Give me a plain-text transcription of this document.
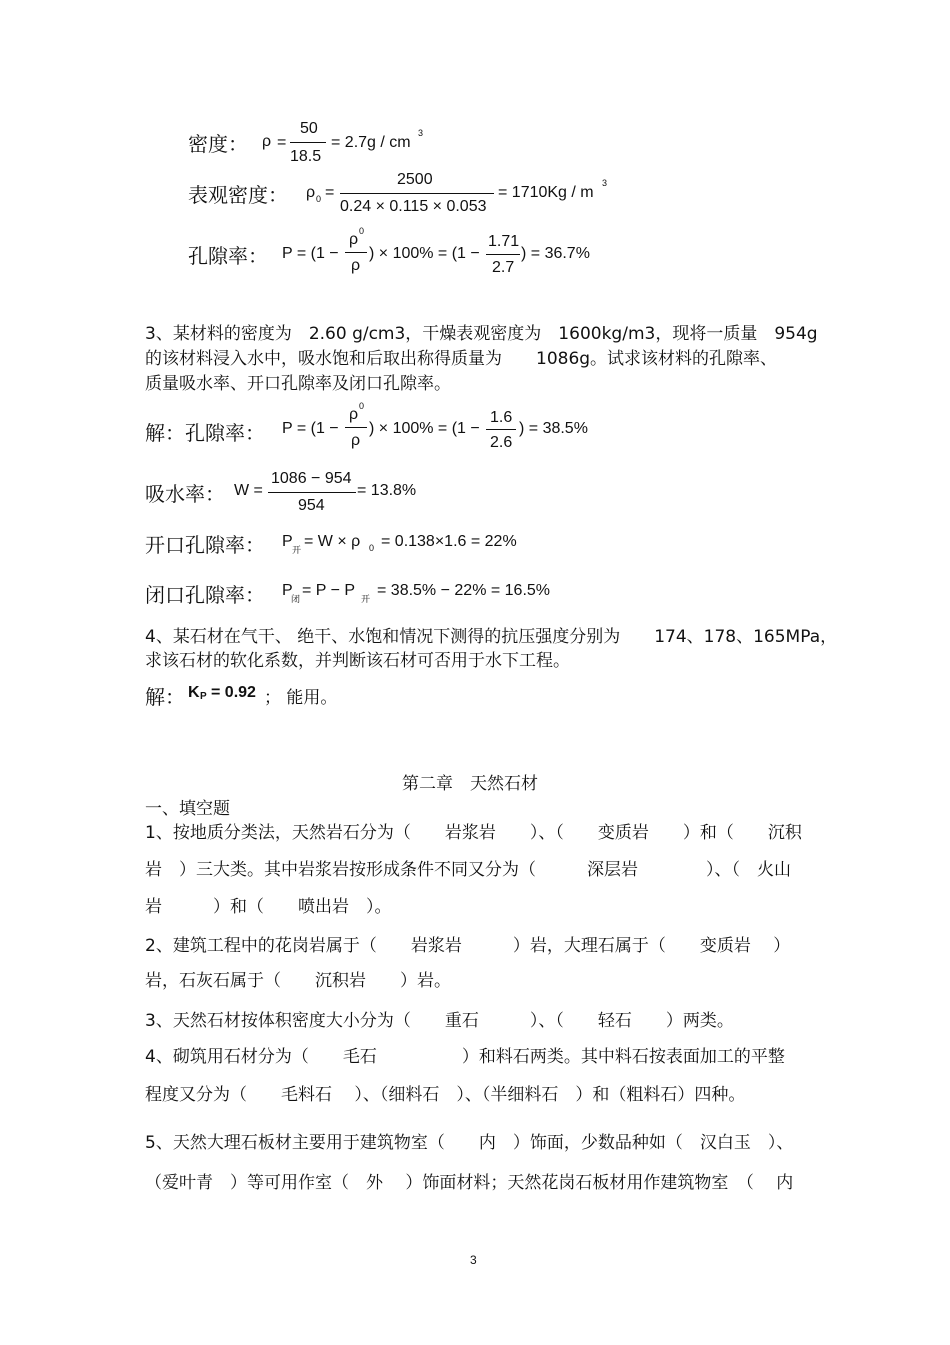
密度： ρ =
50
18.5
= 2.7g / cm
3
表观密度： ρ 0 =
2500
0.24 × 0.115 × 0.053
= 1710Kg / m
3
孔隙率： P = (1 −
ρ 0
ρ
) × 100% = (1 −
1.71
2.7
) = 36.7%
3、某材料的密度为　2.60 g/cm3，干燥表观密度为　1600kg/m3，现将一质量　954g
的该材料浸入水中，吸水饱和后取出称得质量为　　1086g。试求该材料的孔隙率、
质量吸水率、开口孔隙率及闭口孔隙率。
解：孔隙率： P = (1 −
ρ 0
ρ
) × 100% = (1 −
1.6
2.6
) = 38.5%
吸水率： W =
1086 − 954
954
= 13.8%
开口孔隙率： P 开 = W × ρ 0 = 0.138×1.6 = 22%
闭口孔隙率： P
闭 = P − P 开 = 38.5% − 22% = 16.5%
4、某石材在气干、 绝干、水饱和情况下测得的抗压强度分别为　　174、178、165MPa，
求该石材的软化系数，并判断该石材可否用于水下工程。
解： K P = 0.92 ； 能用。
第二章　天然石材
一、填空题
1、按地质分类法，天然岩石分为（　　岩浆岩　　）、（　　变质岩　　）和（　　沉积
岩　）三大类。其中岩浆岩按形成条件不同又分为（　　　深层岩　　　　）、（　火山
岩　　　）和（　　喷出岩　）。
2、建筑工程中的花岗岩属于（　　岩浆岩　　　）岩，大理石属于（　　变质岩　 ）
岩，石灰石属于（　　沉积岩　　）岩。
3、天然石材按体积密度大小分为（　　重石　　　）、（　　轻石　　）两类。
4、砌筑用石材分为（　　毛石　　　　　）和料石两类。其中料石按表面加工的平整
程度又分为（　　毛料石　 ）、（细料石　）、（半细料石　）和（粗料石）四种。
5、天然大理石板材主要用于建筑物室（　　内　）饰面，少数品种如（　汉白玉　）、
（爱叶青　）等可用作室（　外　 ）饰面材料；天然花岗石板材用作建筑物室　（　 内
3
